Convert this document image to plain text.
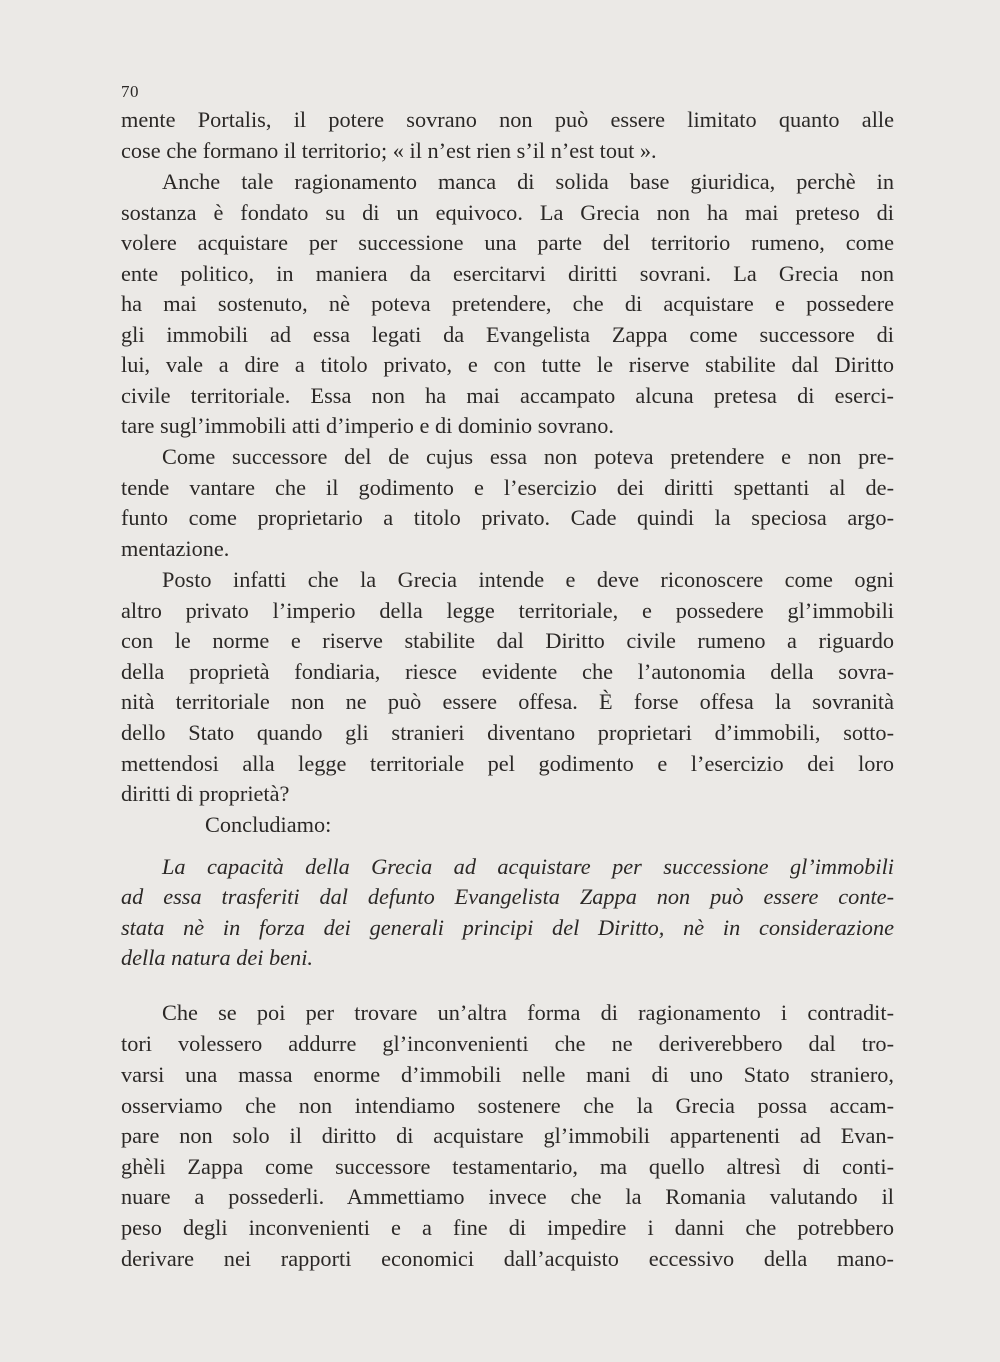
70
mente Portalis, il potere sovrano non può essere limitato quanto alle
cose che formano il territorio; « il n’est rien s’il n’est tout ».
Anche tale ragionamento manca di solida base giuridica, perchè in
sostanza è fondato su di un equivoco. La Grecia non ha mai preteso di
volere acquistare per successione una parte del territorio rumeno, come
ente politico, in maniera da esercitarvi diritti sovrani. La Grecia non
ha mai sostenuto, nè poteva pretendere, che di acquistare e possedere
gli immobili ad essa legati da Evangelista Zappa come successore di
lui, vale a dire a titolo privato, e con tutte le riserve stabilite dal Diritto
civile territoriale. Essa non ha mai accampato alcuna pretesa di eserci-
tare sugl’immobili atti d’imperio e di dominio sovrano.
Come successore del de cujus essa non poteva pretendere e non pre-
tende vantare che il godimento e l’esercizio dei diritti spettanti al de-
funto come proprietario a titolo privato. Cade quindi la speciosa argo-
mentazione.
Posto infatti che la Grecia intende e deve riconoscere come ogni
altro privato l’imperio della legge territoriale, e possedere gl’immobili
con le norme e riserve stabilite dal Diritto civile rumeno a riguardo
della proprietà fondiaria, riesce evidente che l’autonomia della sovra-
nità territoriale non ne può essere offesa. È forse offesa la sovranità
dello Stato quando gli stranieri diventano proprietari d’immobili, sotto-
mettendosi alla legge territoriale pel godimento e l’esercizio dei loro
diritti di proprietà?
Concludiamo:
La capacità della Grecia ad acquistare per successione gl’immobili
ad essa trasferiti dal defunto Evangelista Zappa non può essere conte-
stata nè in forza dei generali principi del Diritto, nè in considerazione
della natura dei beni.
Che se poi per trovare un’altra forma di ragionamento i contradit-
tori volessero addurre gl’inconvenienti che ne deriverebbero dal tro-
varsi una massa enorme d’immobili nelle mani di uno Stato straniero,
osserviamo che non intendiamo sostenere che la Grecia possa accam-
pare non solo il diritto di acquistare gl’immobili appartenenti ad Evan-
ghèli Zappa come successore testamentario, ma quello altresì di conti-
nuare a possederli. Ammettiamo invece che la Romania valutando il
peso degli inconvenienti e a fine di impedire i danni che potrebbero
derivare nei rapporti economici dall’acquisto eccessivo della mano-
